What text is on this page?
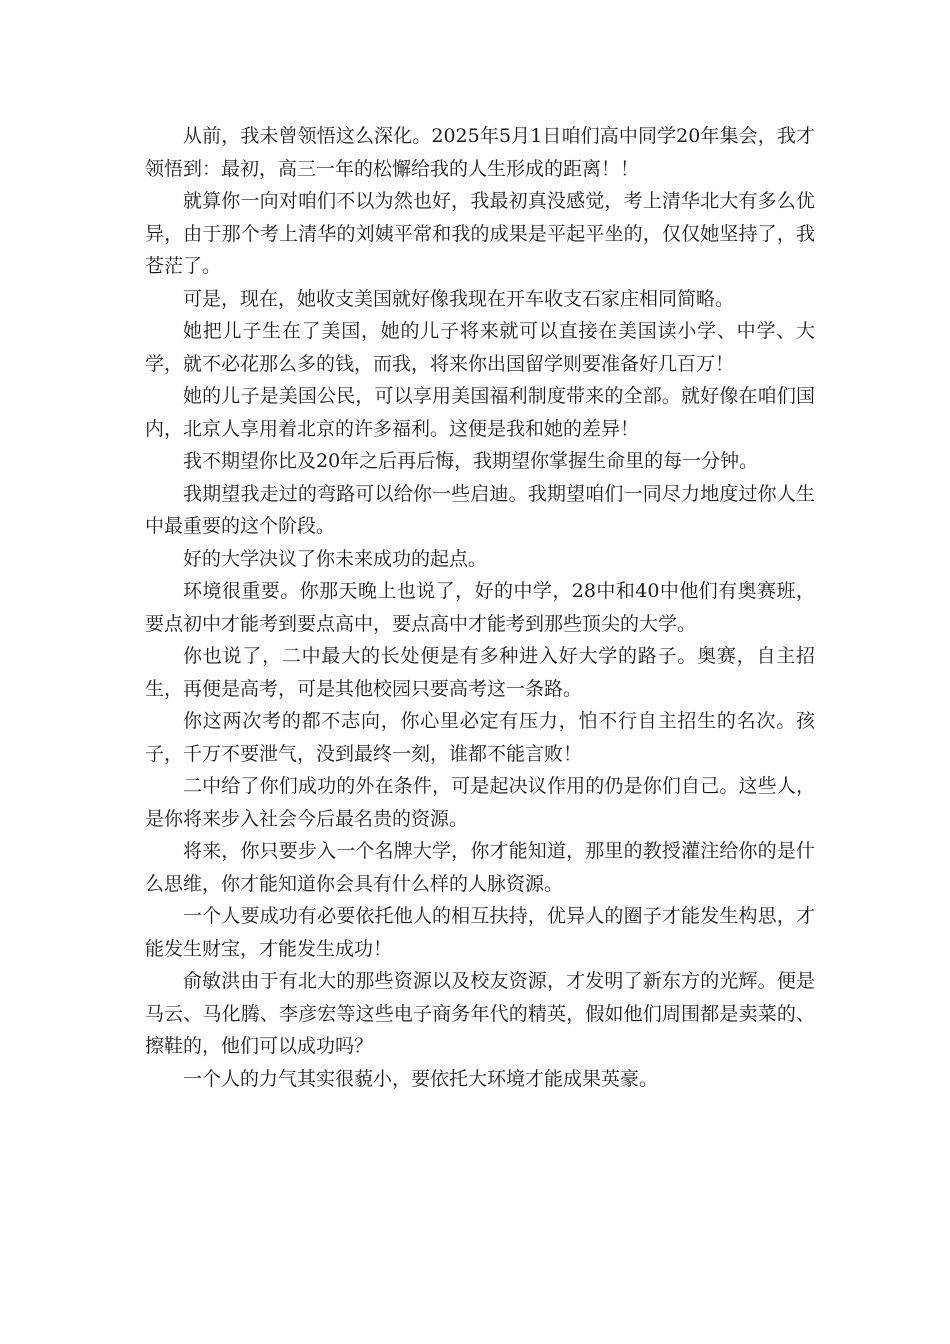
从前，我未曾领悟这么深化。2025年5月1日咱们高中同学20年集会，我才领悟到：最初，高三一年的松懈给我的人生形成的距离！！

就算你一向对咱们不以为然也好，我最初真没感觉，考上清华北大有多么优异，由于那个考上清华的刘姨平常和我的成果是平起平坐的，仅仅她坚持了，我苍茫了。

可是，现在，她收支美国就好像我现在开车收支石家庄相同简略。

她把儿子生在了美国，她的儿子将来就可以直接在美国读小学、中学、大学，就不必花那么多的钱，而我，将来你出国留学则要准备好几百万！

她的儿子是美国公民，可以享用美国福利制度带来的全部。就好像在咱们国内，北京人享用着北京的许多福利。这便是我和她的差异！

我不期望你比及20年之后再后悔，我期望你掌握生命里的每一分钟。

我期望我走过的弯路可以给你一些启迪。我期望咱们一同尽力地度过你人生中最重要的这个阶段。

好的大学决议了你未来成功的起点。

环境很重要。你那天晚上也说了，好的中学，28中和40中他们有奥赛班，要点初中才能考到要点高中，要点高中才能考到那些顶尖的大学。

你也说了，二中最大的长处便是有多种进入好大学的路子。奥赛，自主招生，再便是高考，可是其他校园只要高考这一条路。

你这两次考的都不志向，你心里必定有压力，怕不行自主招生的名次。孩子，千万不要泄气，没到最终一刻，谁都不能言败！

二中给了你们成功的外在条件，可是起决议作用的仍是你们自己。这些人，是你将来步入社会今后最名贵的资源。

将来，你只要步入一个名牌大学，你才能知道，那里的教授灌注给你的是什么思维，你才能知道你会具有什么样的人脉资源。

一个人要成功有必要依托他人的相互扶持，优异人的圈子才能发生构思，才能发生财宝，才能发生成功！

俞敏洪由于有北大的那些资源以及校友资源，才发明了新东方的光辉。便是马云、马化腾、李彦宏等这些电子商务年代的精英，假如他们周围都是卖菜的、擦鞋的，他们可以成功吗？

一个人的力气其实很藐小，要依托大环境才能成果英豪。
